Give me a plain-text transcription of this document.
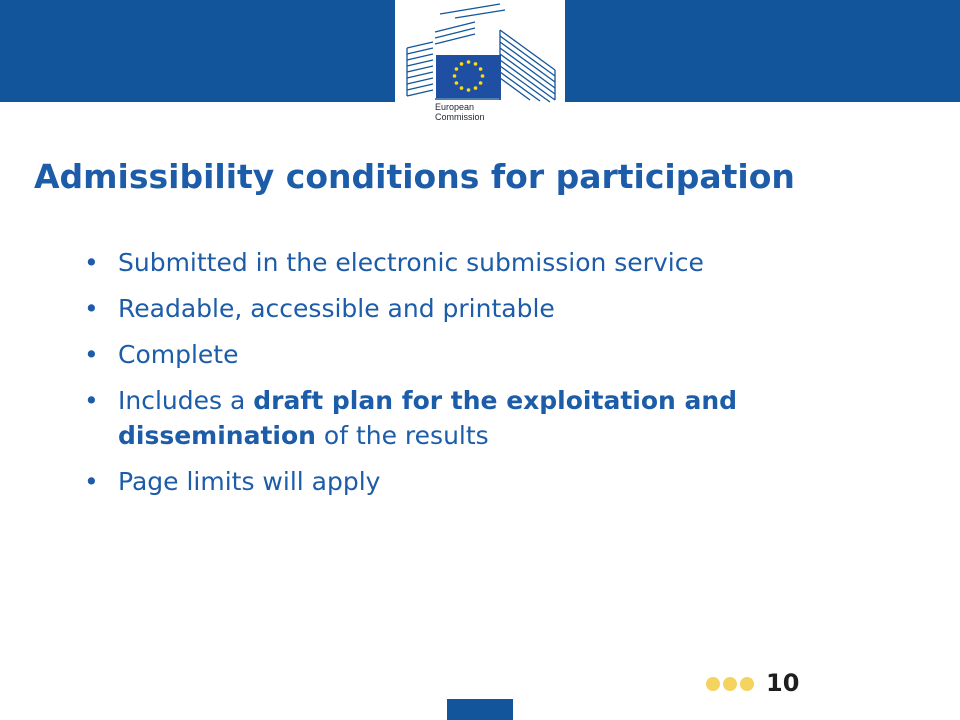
European
Commission
Admissibility conditions for participation
• Submitted in the electronic submission service
• Readable, accessible and printable
• Complete
• Includes a draft plan for the exploitation and dissemination of the results
• Page limits will apply
10
